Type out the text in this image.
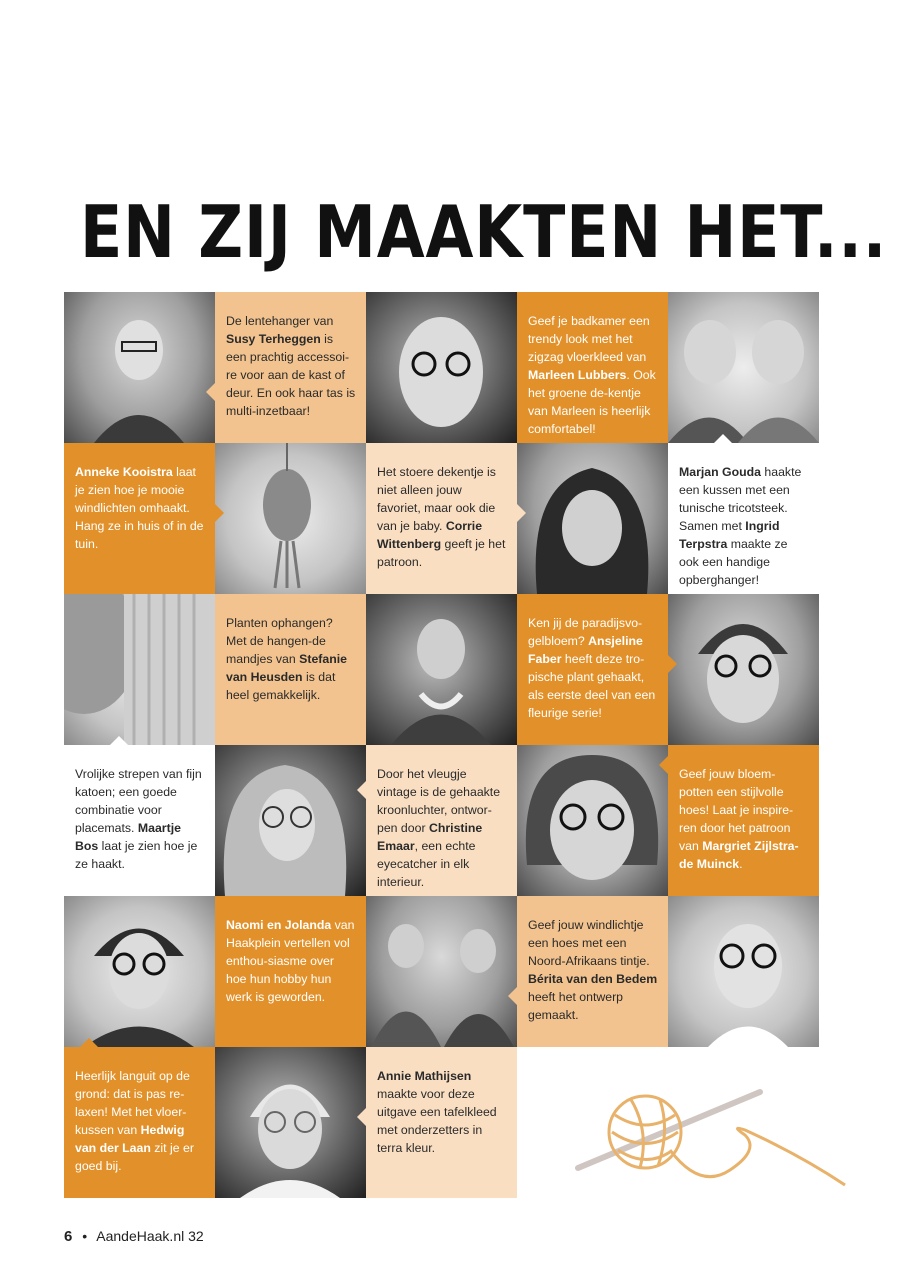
EN ZIJ MAAKTEN HET...
De lentehanger van Susy Terheggen is een prachtig accessoi-re voor aan de kast of deur. En ook haar tas is multi-inzetbaar!
Geef je badkamer een trendy look met het zigzag vloerkleed van Marleen Lubbers. Ook het groene de-kentje van Marleen is heerlijk comfortabel!
Anneke Kooistra laat je zien hoe je mooie windlichten omhaakt. Hang ze in huis of in de tuin.
Het stoere dekentje is niet alleen jouw favoriet, maar ook die van je baby. Corrie Wittenberg geeft je het patroon.
Marjan Gouda haakte een kussen met een tunische tricotsteek. Samen met Ingrid Terpstra maakte ze ook een handige opberghanger!
Planten ophangen? Met de hangen-de mandjes van Stefanie van Heusden is dat heel gemakkelijk.
Ken jij de paradijsvo-gelbloem? Ansjeline Faber heeft deze tro-pische plant gehaakt, als eerste deel van een fleurige serie!
Vrolijke strepen van fijn katoen; een goede combinatie voor placemats. Maartje Bos laat je zien hoe je ze haakt.
Door het vleugje vintage is de gehaakte kroonluchter, ontwor-pen door Christine Emaar, een echte eyecatcher in elk interieur.
Geef jouw bloem-potten een stijlvolle hoes! Laat je inspire-ren door het patroon van Margriet Zijlstra-de Muinck.
Naomi en Jolanda van Haakplein vertellen vol enthou-siasme over hoe hun hobby hun werk is geworden.
Geef jouw windlichtje een hoes met een Noord-Afrikaans tintje. Bérita van den Bedem heeft het ontwerp gemaakt.
Heerlijk languit op de grond: dat is pas re-laxen! Met het vloer-kussen van Hedwig van der Laan zit je er goed bij.
Annie Mathijsen maakte voor deze uitgave een tafelkleed met onderzetters in terra kleur.
6 • AandeHaak.nl 32
